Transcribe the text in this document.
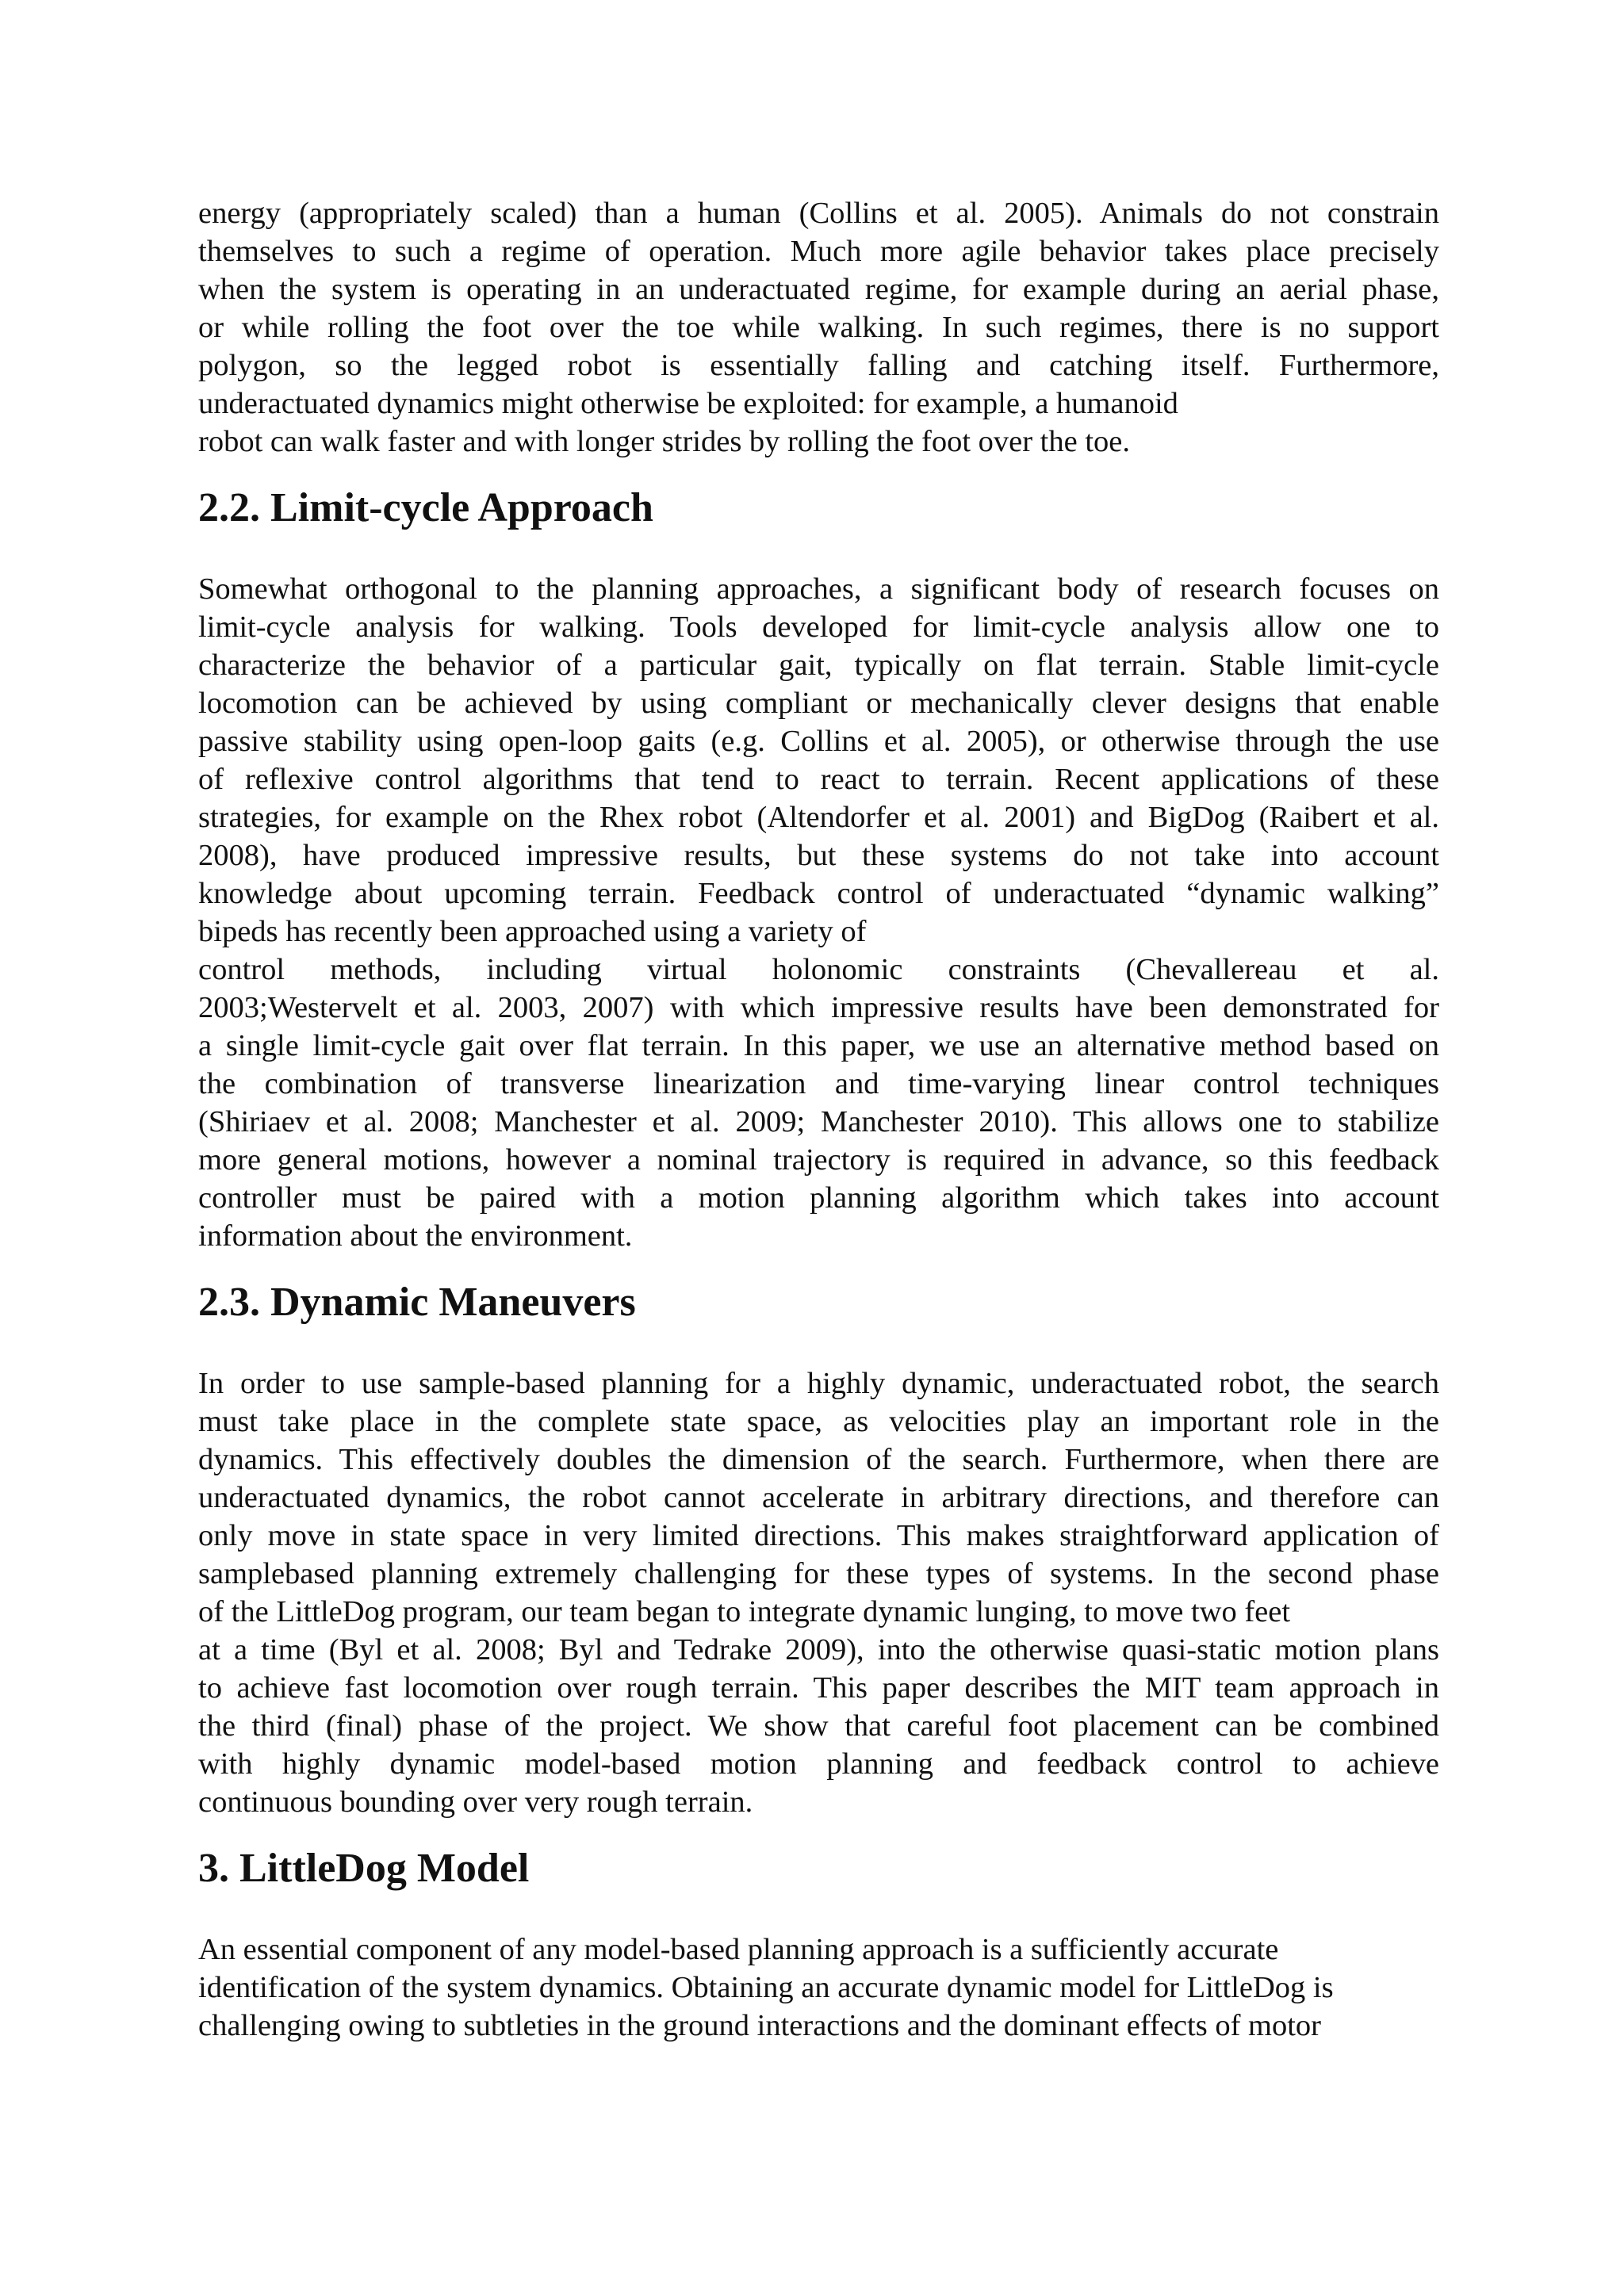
energy (appropriately scaled) than a human (Collins et al. 2005). Animals do not constrain
themselves to such a regime of operation. Much more agile behavior takes place precisely
when the system is operating in an underactuated regime, for example during an aerial phase,
or while rolling the foot over the toe while walking. In such regimes, there is no support
polygon, so the legged robot is essentially falling and catching itself. Furthermore,
underactuated dynamics might otherwise be exploited: for example, a humanoid
robot can walk faster and with longer strides by rolling the foot over the toe.
2.2. Limit-cycle Approach
Somewhat orthogonal to the planning approaches, a significant body of research focuses on
limit-cycle analysis for walking. Tools developed for limit-cycle analysis allow one to
characterize the behavior of a particular gait, typically on flat terrain. Stable limit-cycle
locomotion can be achieved by using compliant or mechanically clever designs that enable
passive stability using open-loop gaits (e.g. Collins et al. 2005), or otherwise through the use
of reflexive control algorithms that tend to react to terrain. Recent applications of these
strategies, for example on the Rhex robot (Altendorfer et al. 2001) and BigDog (Raibert et al.
2008), have produced impressive results, but these systems do not take into account
knowledge about upcoming terrain. Feedback control of underactuated “dynamic walking”
bipeds has recently been approached using a variety of
control methods, including virtual holonomic constraints (Chevallereau et al.
2003;Westervelt et al. 2003, 2007) with which impressive results have been demonstrated for
a single limit-cycle gait over flat terrain. In this paper, we use an alternative method based on
the combination of transverse linearization and time-varying linear control techniques
(Shiriaev et al. 2008; Manchester et al. 2009; Manchester 2010). This allows one to stabilize
more general motions, however a nominal trajectory is required in advance, so this feedback
controller must be paired with a motion planning algorithm which takes into account
information about the environment.
2.3. Dynamic Maneuvers
In order to use sample-based planning for a highly dynamic, underactuated robot, the search
must take place in the complete state space, as velocities play an important role in the
dynamics. This effectively doubles the dimension of the search. Furthermore, when there are
underactuated dynamics, the robot cannot accelerate in arbitrary directions, and therefore can
only move in state space in very limited directions. This makes straightforward application of
samplebased planning extremely challenging for these types of systems. In the second phase
of the LittleDog program, our team began to integrate dynamic lunging, to move two feet
at a time (Byl et al. 2008; Byl and Tedrake 2009), into the otherwise quasi-static motion plans
to achieve fast locomotion over rough terrain. This paper describes the MIT team approach in
the third (final) phase of the project. We show that careful foot placement can be combined
with highly dynamic model-based motion planning and feedback control to achieve
continuous bounding over very rough terrain.
3. LittleDog Model
An essential component of any model-based planning approach is a sufficiently accurate
identification of the system dynamics. Obtaining an accurate dynamic model for LittleDog is
challenging owing to subtleties in the ground interactions and the dominant effects of motor
